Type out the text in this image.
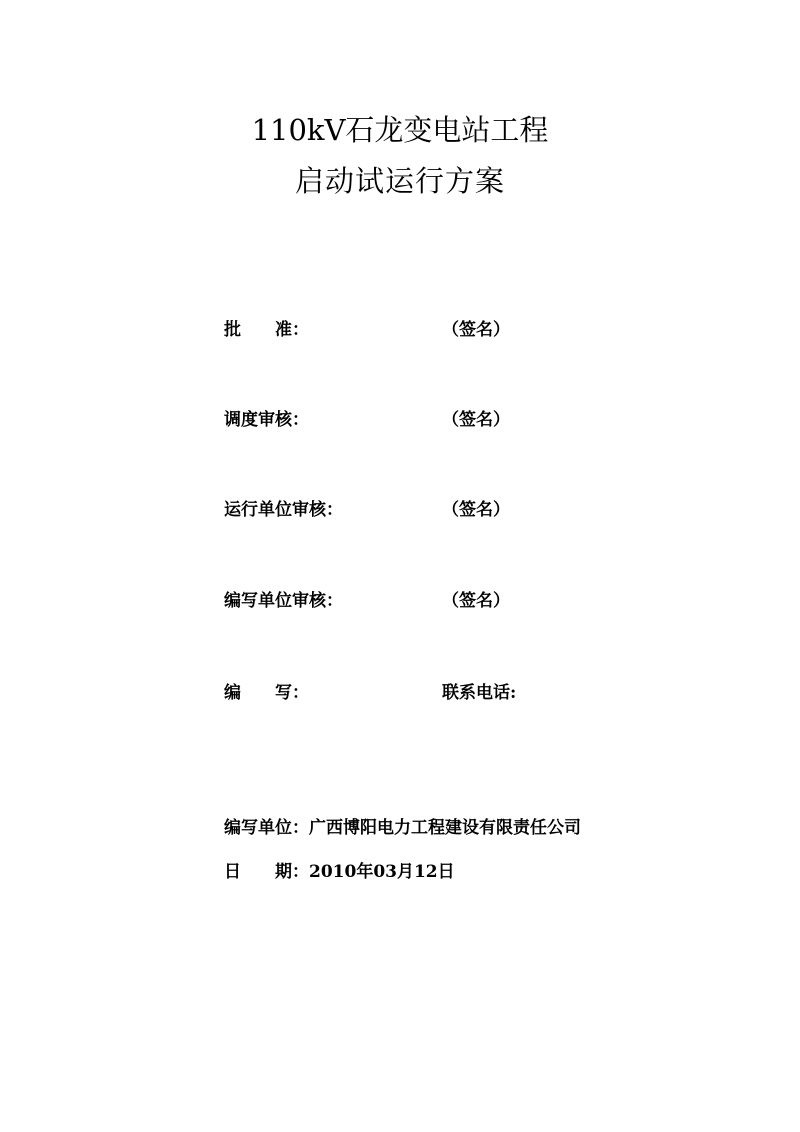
110kV石龙变电站工程
启动试运行方案
批　　准：	（签名）
调度审核：	（签名）
运行单位审核：	（签名）
编写单位审核：	（签名）
编　　写：	联系电话:
编写单位：广西博阳电力工程建设有限责任公司
日　　期：2010年03月12日
